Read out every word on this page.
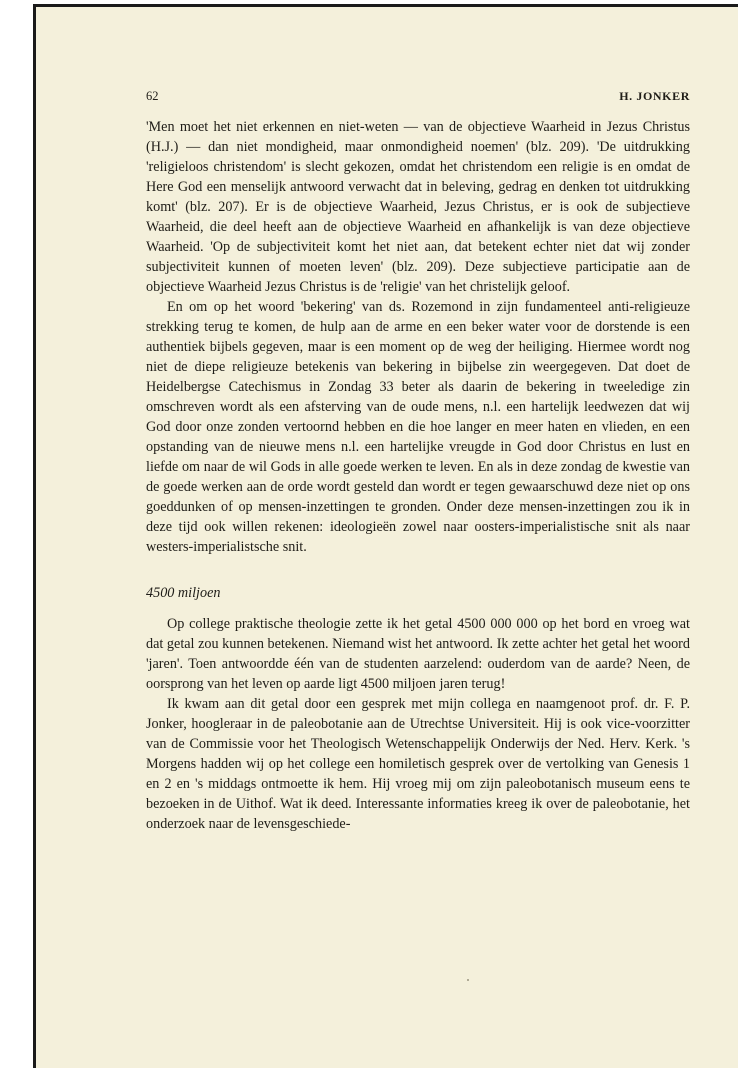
62	H. JONKER

'Men moet het niet erkennen en niet-weten — van de objectieve Waarheid in Jezus Christus (H.J.) — dan niet mondigheid, maar onmondigheid noemen' (blz. 209). 'De uitdrukking 'religieloos christendom' is slecht gekozen, omdat het christendom een religie is en omdat de Here God een menselijk antwoord verwacht dat in beleving, gedrag en denken tot uitdrukking komt' (blz. 207). Er is de objectieve Waarheid, Jezus Christus, er is ook de subjectieve Waarheid, die deel heeft aan de objectieve Waarheid en afhankelijk is van deze objectieve Waarheid. 'Op de subjectiviteit komt het niet aan, dat betekent echter niet dat wij zonder subjectiviteit kunnen of moeten leven' (blz. 209). Deze subjectieve participatie aan de objectieve Waarheid Jezus Christus is de 'religie' van het christelijk geloof.

En om op het woord 'bekering' van ds. Rozemond in zijn fundamenteel anti-religieuze strekking terug te komen, de hulp aan de arme en een beker water voor de dorstende is een authentiek bijbels gegeven, maar is een moment op de weg der heiliging. Hiermee wordt nog niet de diepe religieuze betekenis van bekering in bijbelse zin weergegeven. Dat doet de Heidelbergse Catechismus in Zondag 33 beter als daarin de bekering in tweeledige zin omschreven wordt als een afsterving van de oude mens, n.l. een hartelijk leedwezen dat wij God door onze zonden vertoornd hebben en die hoe langer en meer haten en vlieden, en een opstanding van de nieuwe mens n.l. een hartelijke vreugde in God door Christus en lust en liefde om naar de wil Gods in alle goede werken te leven. En als in deze zondag de kwestie van de goede werken aan de orde wordt gesteld dan wordt er tegen gewaarschuwd deze niet op ons goeddunken of op mensen-inzettingen te gronden. Onder deze mensen-inzettingen zou ik in deze tijd ook willen rekenen: ideologieën zowel naar oosters-imperialistische snit als naar westers-imperialistsche snit.

4500 miljoen

Op college praktische theologie zette ik het getal 4500 000 000 op het bord en vroeg wat dat getal zou kunnen betekenen. Niemand wist het antwoord. Ik zette achter het getal het woord 'jaren'. Toen antwoordde één van de studenten aarzelend: ouderdom van de aarde? Neen, de oorsprong van het leven op aarde ligt 4500 miljoen jaren terug!

Ik kwam aan dit getal door een gesprek met mijn collega en naamgenoot prof. dr. F. P. Jonker, hoogleraar in de paleobotanie aan de Utrechtse Universiteit. Hij is ook vice-voorzitter van de Commissie voor het Theologisch Wetenschappelijk Onderwijs der Ned. Herv. Kerk. 's Morgens hadden wij op het college een homiletisch gesprek over de vertolking van Genesis 1 en 2 en 's middags ontmoette ik hem. Hij vroeg mij om zijn paleobotanisch museum eens te bezoeken in de Uithof. Wat ik deed. Interessante informaties kreeg ik over de paleobotanie, het onderzoek naar de levensgeschiede-
